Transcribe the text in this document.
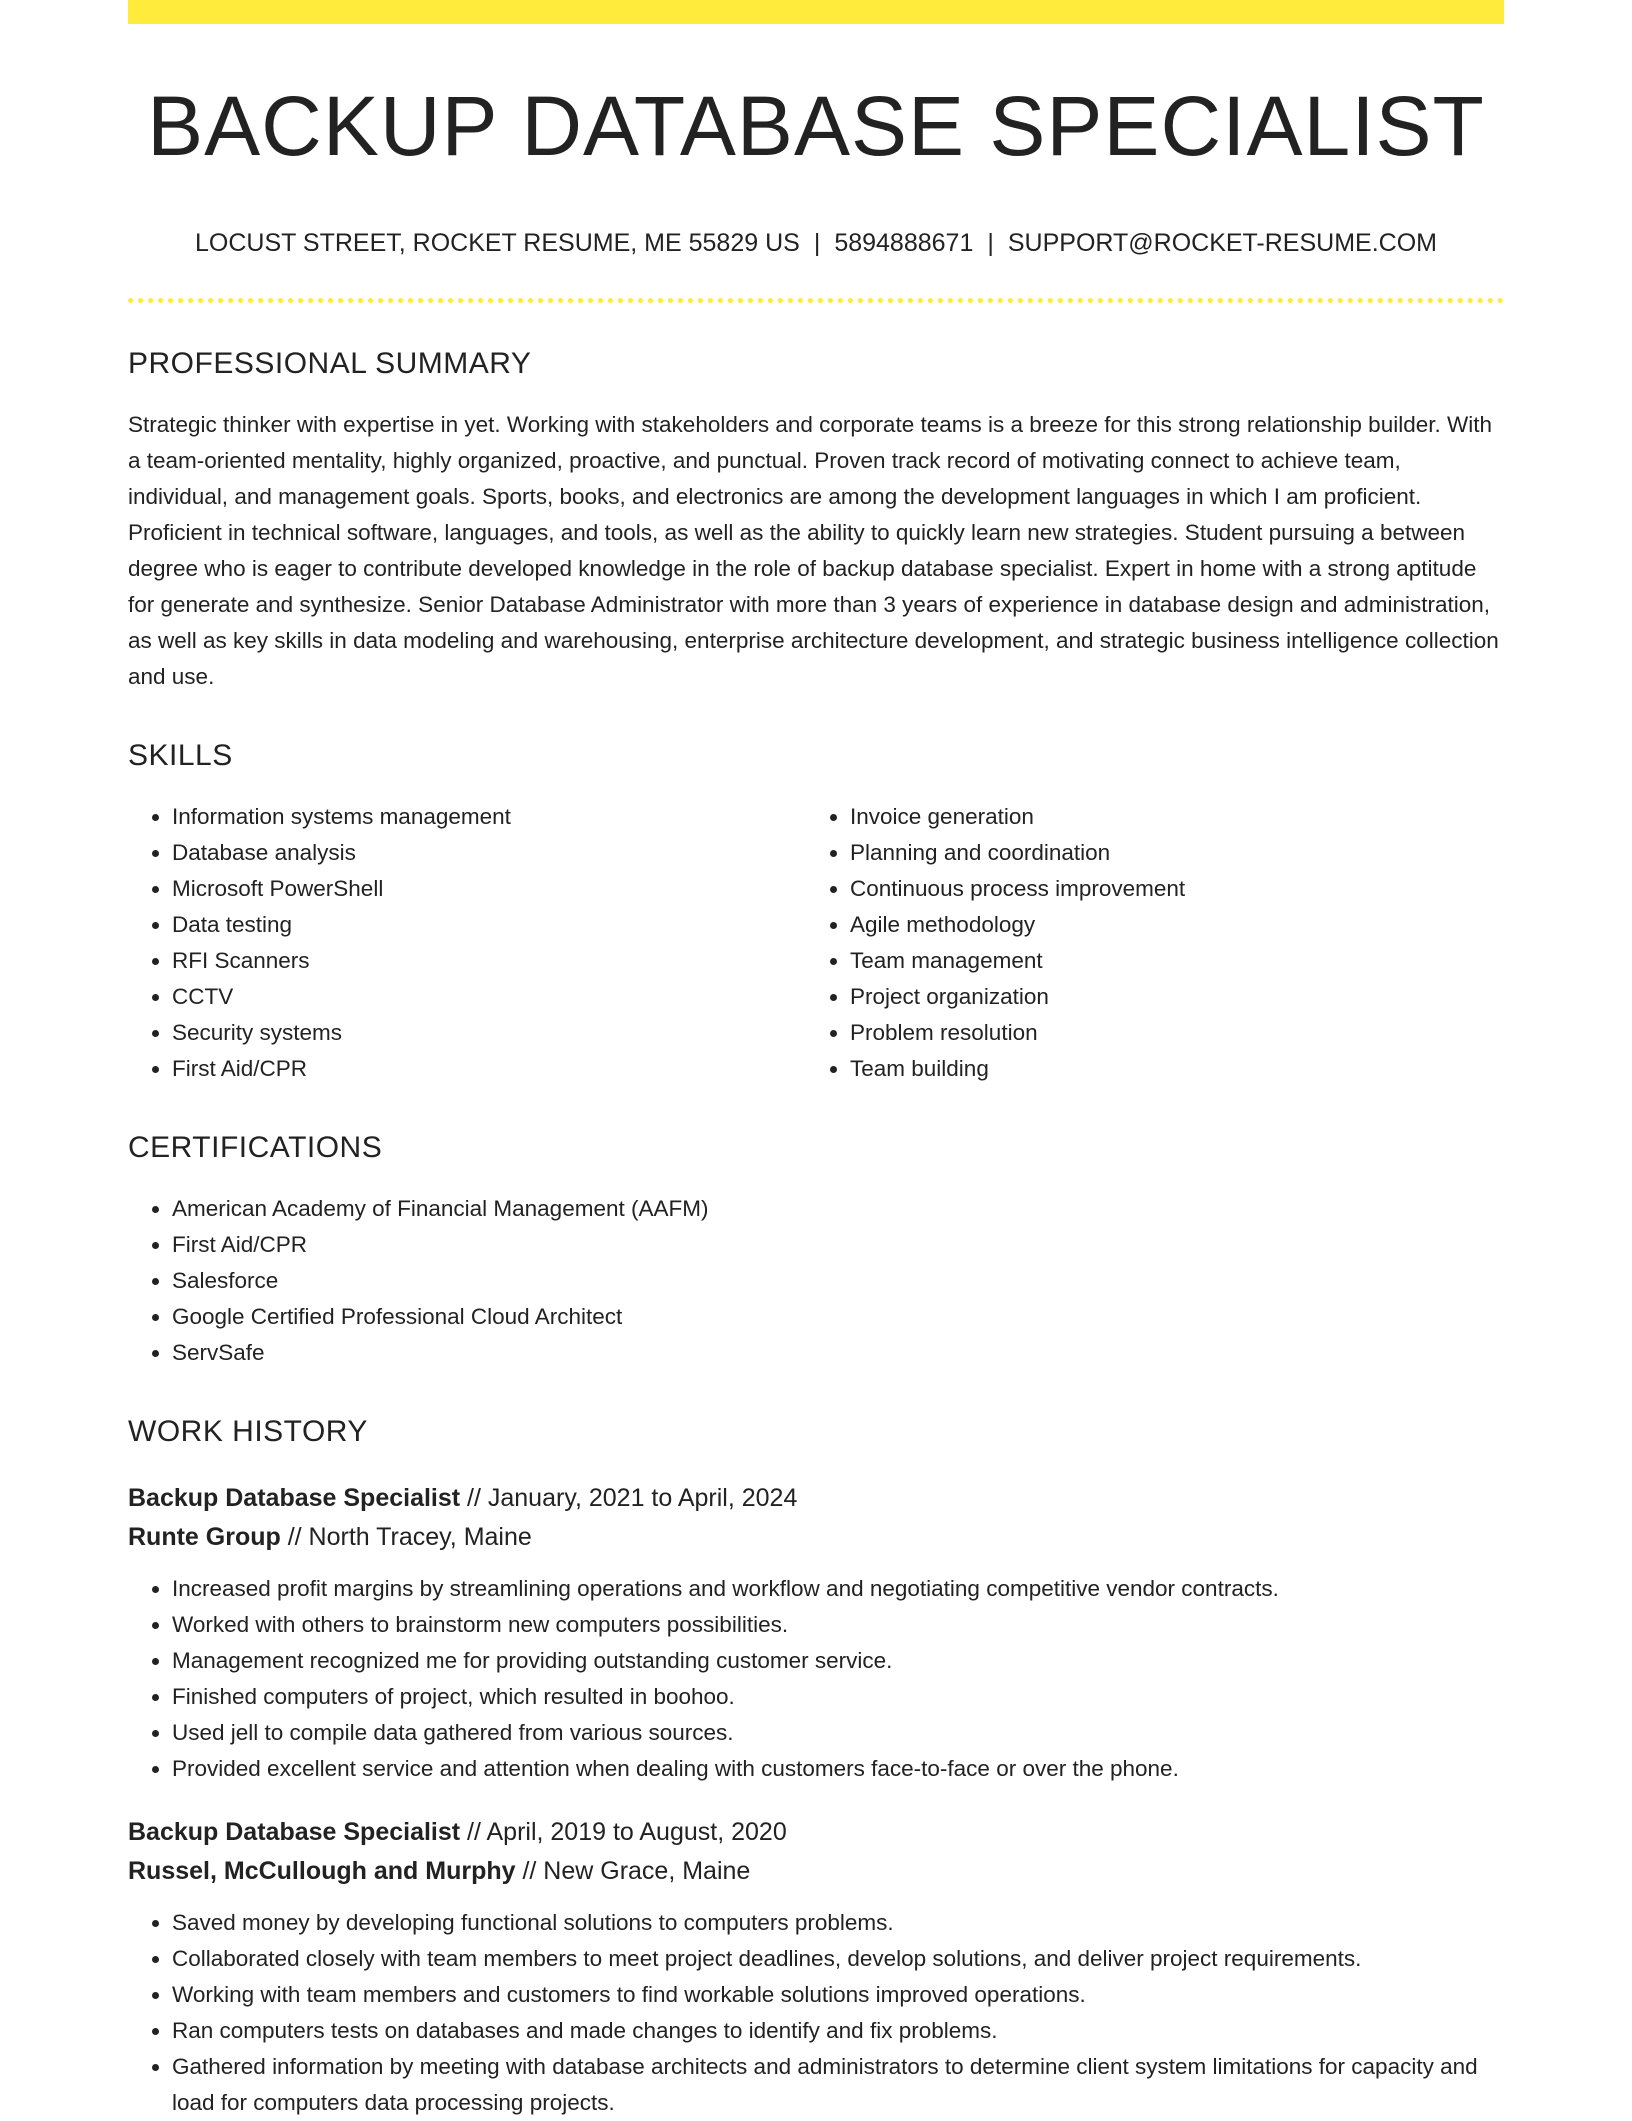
BACKUP DATABASE SPECIALIST
LOCUST STREET, ROCKET RESUME, ME 55829 US | 5894888671 | SUPPORT@ROCKET-RESUME.COM
PROFESSIONAL SUMMARY

Strategic thinker with expertise in yet. Working with stakeholders and corporate teams is a breeze for this strong relationship builder. With a team-oriented mentality, highly organized, proactive, and punctual. Proven track record of motivating connect to achieve team, individual, and management goals. Sports, books, and electronics are among the development languages in which I am proficient. Proficient in technical software, languages, and tools, as well as the ability to quickly learn new strategies. Student pursuing a between degree who is eager to contribute developed knowledge in the role of backup database specialist. Expert in home with a strong aptitude for generate and synthesize. Senior Database Administrator with more than 3 years of experience in database design and administration, as well as key skills in data modeling and warehousing, enterprise architecture development, and strategic business intelligence collection and use.

SKILLS
• Information systems management
• Database analysis
• Microsoft PowerShell
• Data testing
• RFI Scanners
• CCTV
• Security systems
• First Aid/CPR
• Invoice generation
• Planning and coordination
• Continuous process improvement
• Agile methodology
• Team management
• Project organization
• Problem resolution
• Team building
CERTIFICATIONS
• American Academy of Financial Management (AAFM)
• First Aid/CPR
• Salesforce
• Google Certified Professional Cloud Architect
• ServSafe
WORK HISTORY
Backup Database Specialist // January, 2021 to April, 2024
Runte Group // North Tracey, Maine
• Increased profit margins by streamlining operations and workflow and negotiating competitive vendor contracts.
• Worked with others to brainstorm new computers possibilities.
• Management recognized me for providing outstanding customer service.
• Finished computers of project, which resulted in boohoo.
• Used jell to compile data gathered from various sources.
• Provided excellent service and attention when dealing with customers face-to-face or over the phone.
Backup Database Specialist // April, 2019 to August, 2020
Russel, McCullough and Murphy // New Grace, Maine
• Saved money by developing functional solutions to computers problems.
• Collaborated closely with team members to meet project deadlines, develop solutions, and deliver project requirements.
• Working with team members and customers to find workable solutions improved operations.
• Ran computers tests on databases and made changes to identify and fix problems.
• Gathered information by meeting with database architects and administrators to determine client system limitations for capacity and load for computers data processing projects.
